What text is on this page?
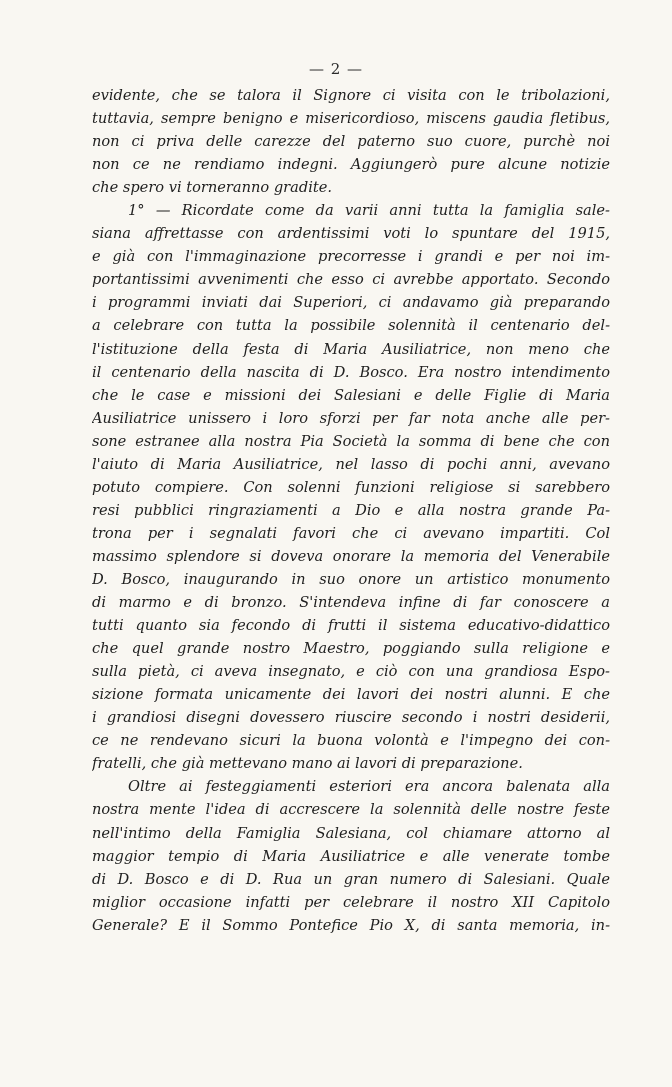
— 2 —
evidente, che se talora il Signore ci visita con le tribolazioni,
tuttavia, sempre benigno e misericordioso, miscens gaudia fletibus,
non ci priva delle carezze del paterno suo cuore, purchè noi
non ce ne rendiamo indegni. Aggiungerò pure alcune notizie
che spero vi torneranno gradite.
1° — Ricordate come da varii anni tutta la famiglia sale-
siana affrettasse con ardentissimi voti lo spuntare del 1915,
e già con l'immaginazione precorresse i grandi e per noi im-
portantissimi avvenimenti che esso ci avrebbe apportato. Secondo
i programmi inviati dai Superiori, ci andavamo già preparando
a celebrare con tutta la possibile solennità il centenario del-
l'istituzione della festa di Maria Ausiliatrice, non meno che
il centenario della nascita di D. Bosco. Era nostro intendimento
che le case e missioni dei Salesiani e delle Figlie di Maria
Ausiliatrice unissero i loro sforzi per far nota anche alle per-
sone estranee alla nostra Pia Società la somma di bene che con
l'aiuto di Maria Ausiliatrice, nel lasso di pochi anni, avevano
potuto compiere. Con solenni funzioni religiose si sarebbero
resi pubblici ringraziamenti a Dio e alla nostra grande Pa-
trona per i segnalati favori che ci avevano impartiti. Col
massimo splendore si doveva onorare la memoria del Venerabile
D. Bosco, inaugurando in suo onore un artistico monumento
di marmo e di bronzo. S'intendeva infine di far conoscere a
tutti quanto sia fecondo di frutti il sistema educativo-didattico
che quel grande nostro Maestro, poggiando sulla religione e
sulla pietà, ci aveva insegnato, e ciò con una grandiosa Espo-
sizione formata unicamente dei lavori dei nostri alunni. E che
i grandiosi disegni dovessero riuscire secondo i nostri desiderii,
ce ne rendevano sicuri la buona volontà e l'impegno dei con-
fratelli, che già mettevano mano ai lavori di preparazione.
Oltre ai festeggiamenti esteriori era ancora balenata alla
nostra mente l'idea di accrescere la solennità delle nostre feste
nell'intimo della Famiglia Salesiana, col chiamare attorno al
maggior tempio di Maria Ausiliatrice e alle venerate tombe
di D. Bosco e di D. Rua un gran numero di Salesiani. Quale
miglior occasione infatti per celebrare il nostro XII Capitolo
Generale? E il Sommo Pontefice Pio X, di santa memoria, in-
